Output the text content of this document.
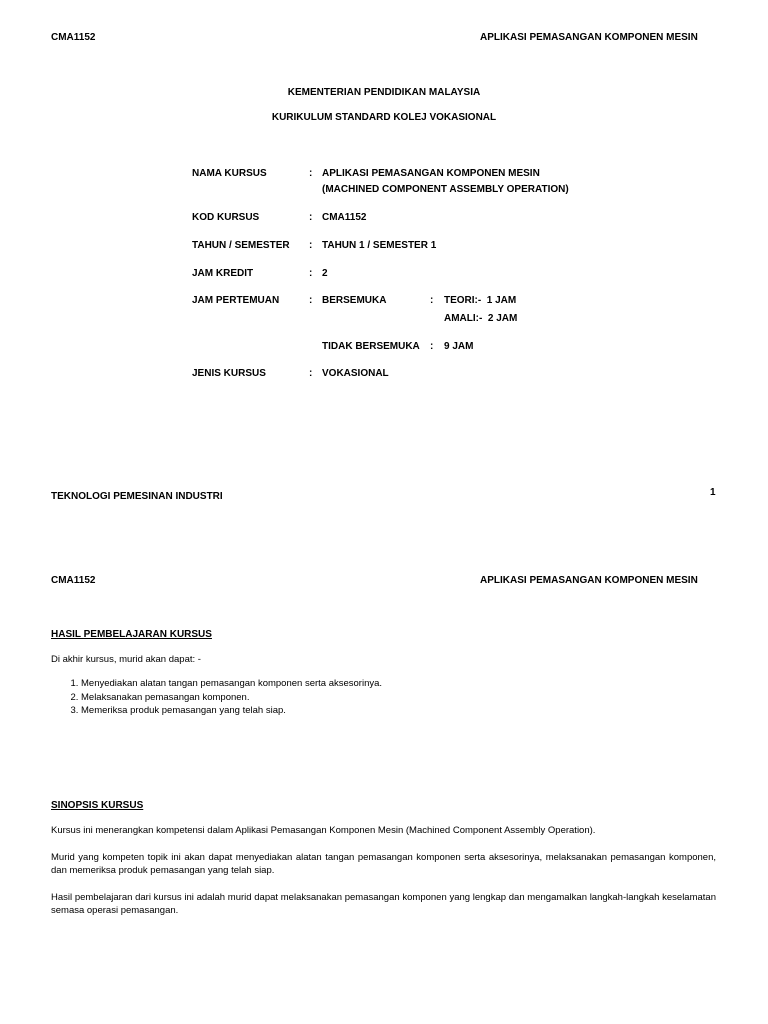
CMA1152	APLIKASI PEMASANGAN KOMPONEN MESIN
KEMENTERIAN PENDIDIKAN MALAYSIA
KURIKULUM STANDARD KOLEJ VOKASIONAL
NAMA KURSUS	: APLIKASI PEMASANGAN KOMPONEN MESIN
(MACHINED COMPONENT ASSEMBLY OPERATION)
KOD KURSUS	: CMA1152
TAHUN / SEMESTER : TAHUN 1 / SEMESTER 1
JAM KREDIT	: 2
JAM PERTEMUAN	: BERSEMUKA	: TEORI:-  1 JAM
AMALI:-  2 JAM
TIDAK BERSEMUKA : 9 JAM
JENIS KURSUS	: VOKASIONAL
TEKNOLOGI PEMESINAN INDUSTRI	1
CMA1152	APLIKASI PEMASANGAN KOMPONEN MESIN
HASIL PEMBELAJARAN KURSUS
Di akhir kursus, murid akan dapat: -
1. Menyediakan alatan tangan pemasangan komponen serta aksesorinya.
2. Melaksanakan pemasangan komponen.
3. Memeriksa produk pemasangan yang telah siap.
SINOPSIS KURSUS
Kursus ini menerangkan kompetensi dalam Aplikasi Pemasangan Komponen Mesin (Machined Component Assembly Operation).
Murid yang kompeten topik ini akan dapat menyediakan alatan tangan pemasangan komponen serta aksesorinya, melaksanakan pemasangan komponen, dan memeriksa produk pemasangan yang telah siap.
Hasil pembelajaran dari kursus ini adalah murid dapat melaksanakan pemasangan komponen yang lengkap dan mengamalkan langkah-langkah keselamatan semasa operasi pemasangan.
